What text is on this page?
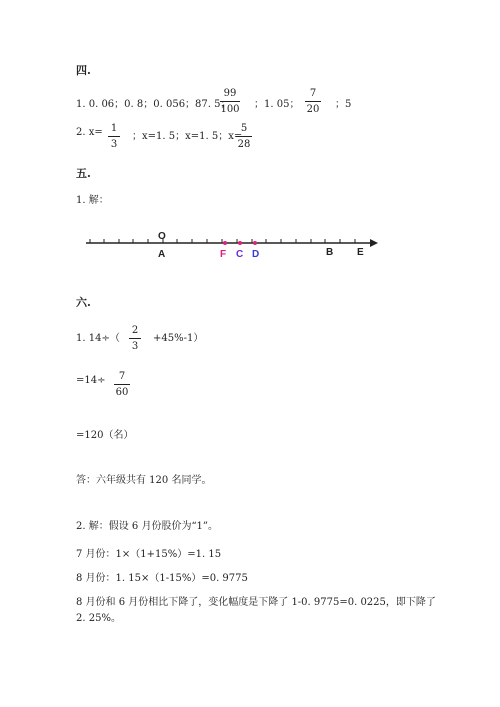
四.
1. 0. 06；0. 8；0. 056；87. 5；
99
100 ；1. 05；
7
20 ；5
2. x= 1
3
；x=1. 5；x=1. 5；x=
5
28
五.
1. 解：
O
A	F C D	B E
六.
1. 14÷（
2
3
+45%-1）
=14÷	7
60
=120（名）
答：六年级共有 120 名同学。
2. 解：假设 6 月份股价为“1”。
7 月份：1×（1+15%）=1. 15
8 月份：1. 15×（1-15%）=0. 9775
8 月份和 6 月份相比下降了，变化幅度是下降了 1-0. 9775=0. 0225，即下降了
2. 25%。
